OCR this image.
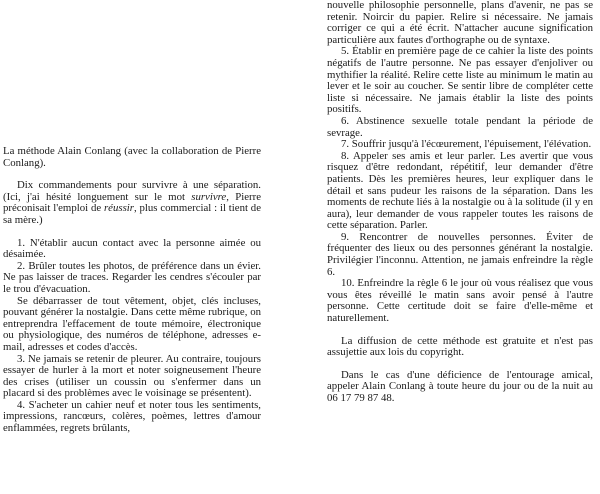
La méthode Alain Conlang (avec la collaboration de Pierre Conlang).

Dix commandements pour survivre à une séparation. (Ici, j'ai hésité longuement sur le mot survivre, Pierre préconisait l'emploi de réussir, plus commercial : il tient de sa mère.)

1. N'établir aucun contact avec la personne aimée ou désaimée.

2. Brûler toutes les photos, de préférence dans un évier. Ne pas laisser de traces. Regarder les cendres s'écouler par le trou d'évacuation.

Se débarrasser de tout vêtement, objet, clés incluses, pouvant générer la nostalgie. Dans cette même rubrique, on entreprendra l'effacement de toute mémoire, électronique ou physiologique, des numéros de téléphone, adresses e-mail, adresses et codes d'accès.

3. Ne jamais se retenir de pleurer. Au contraire, toujours essayer de hurler à la mort et noter soigneusement l'heure des crises (utiliser un coussin ou s'enfermer dans un placard si des problèmes avec le voisinage se présentent).

4. S'acheter un cahier neuf et noter tous les sentiments, impressions, rancœurs, colères, poèmes, lettres d'amour enflammées, regrets brûlants,

nouvelle philosophie personnelle, plans d'avenir, ne pas se retenir. Noircir du papier. Relire si nécessaire. Ne jamais corriger ce qui a été écrit. N'attacher aucune signification particulière aux fautes d'orthographe ou de syntaxe.

5. Établir en première page de ce cahier la liste des points négatifs de l'autre personne. Ne pas essayer d'enjoliver ou mythifier la réalité. Relire cette liste au minimum le matin au lever et le soir au coucher. Se sentir libre de compléter cette liste si nécessaire. Ne jamais établir la liste des points positifs.

6. Abstinence sexuelle totale pendant la période de sevrage.

7. Souffrir jusqu'à l'écœurement, l'épuisement, l'élévation.

8. Appeler ses amis et leur parler. Les avertir que vous risquez d'être redondant, répétitif, leur demander d'être patients. Dès les premières heures, leur expliquer dans le détail et sans pudeur les raisons de la séparation. Dans les moments de rechute liés à la nostalgie ou à la solitude (il y en aura), leur demander de vous rappeler toutes les raisons de cette séparation. Parler.

9. Rencontrer de nouvelles personnes. Éviter de fréquenter des lieux ou des personnes générant la nostalgie. Privilégier l'inconnu. Attention, ne jamais enfreindre la règle 6.

10. Enfreindre la règle 6 le jour où vous réalisez que vous vous êtes réveillé le matin sans avoir pensé à l'autre personne. Cette certitude doit se faire d'elle-même et naturellement.

La diffusion de cette méthode est gratuite et n'est pas assujettie aux lois du copyright.

Dans le cas d'une déficience de l'entourage amical, appeler Alain Conlang à toute heure du jour ou de la nuit au 06 17 79 87 48.
